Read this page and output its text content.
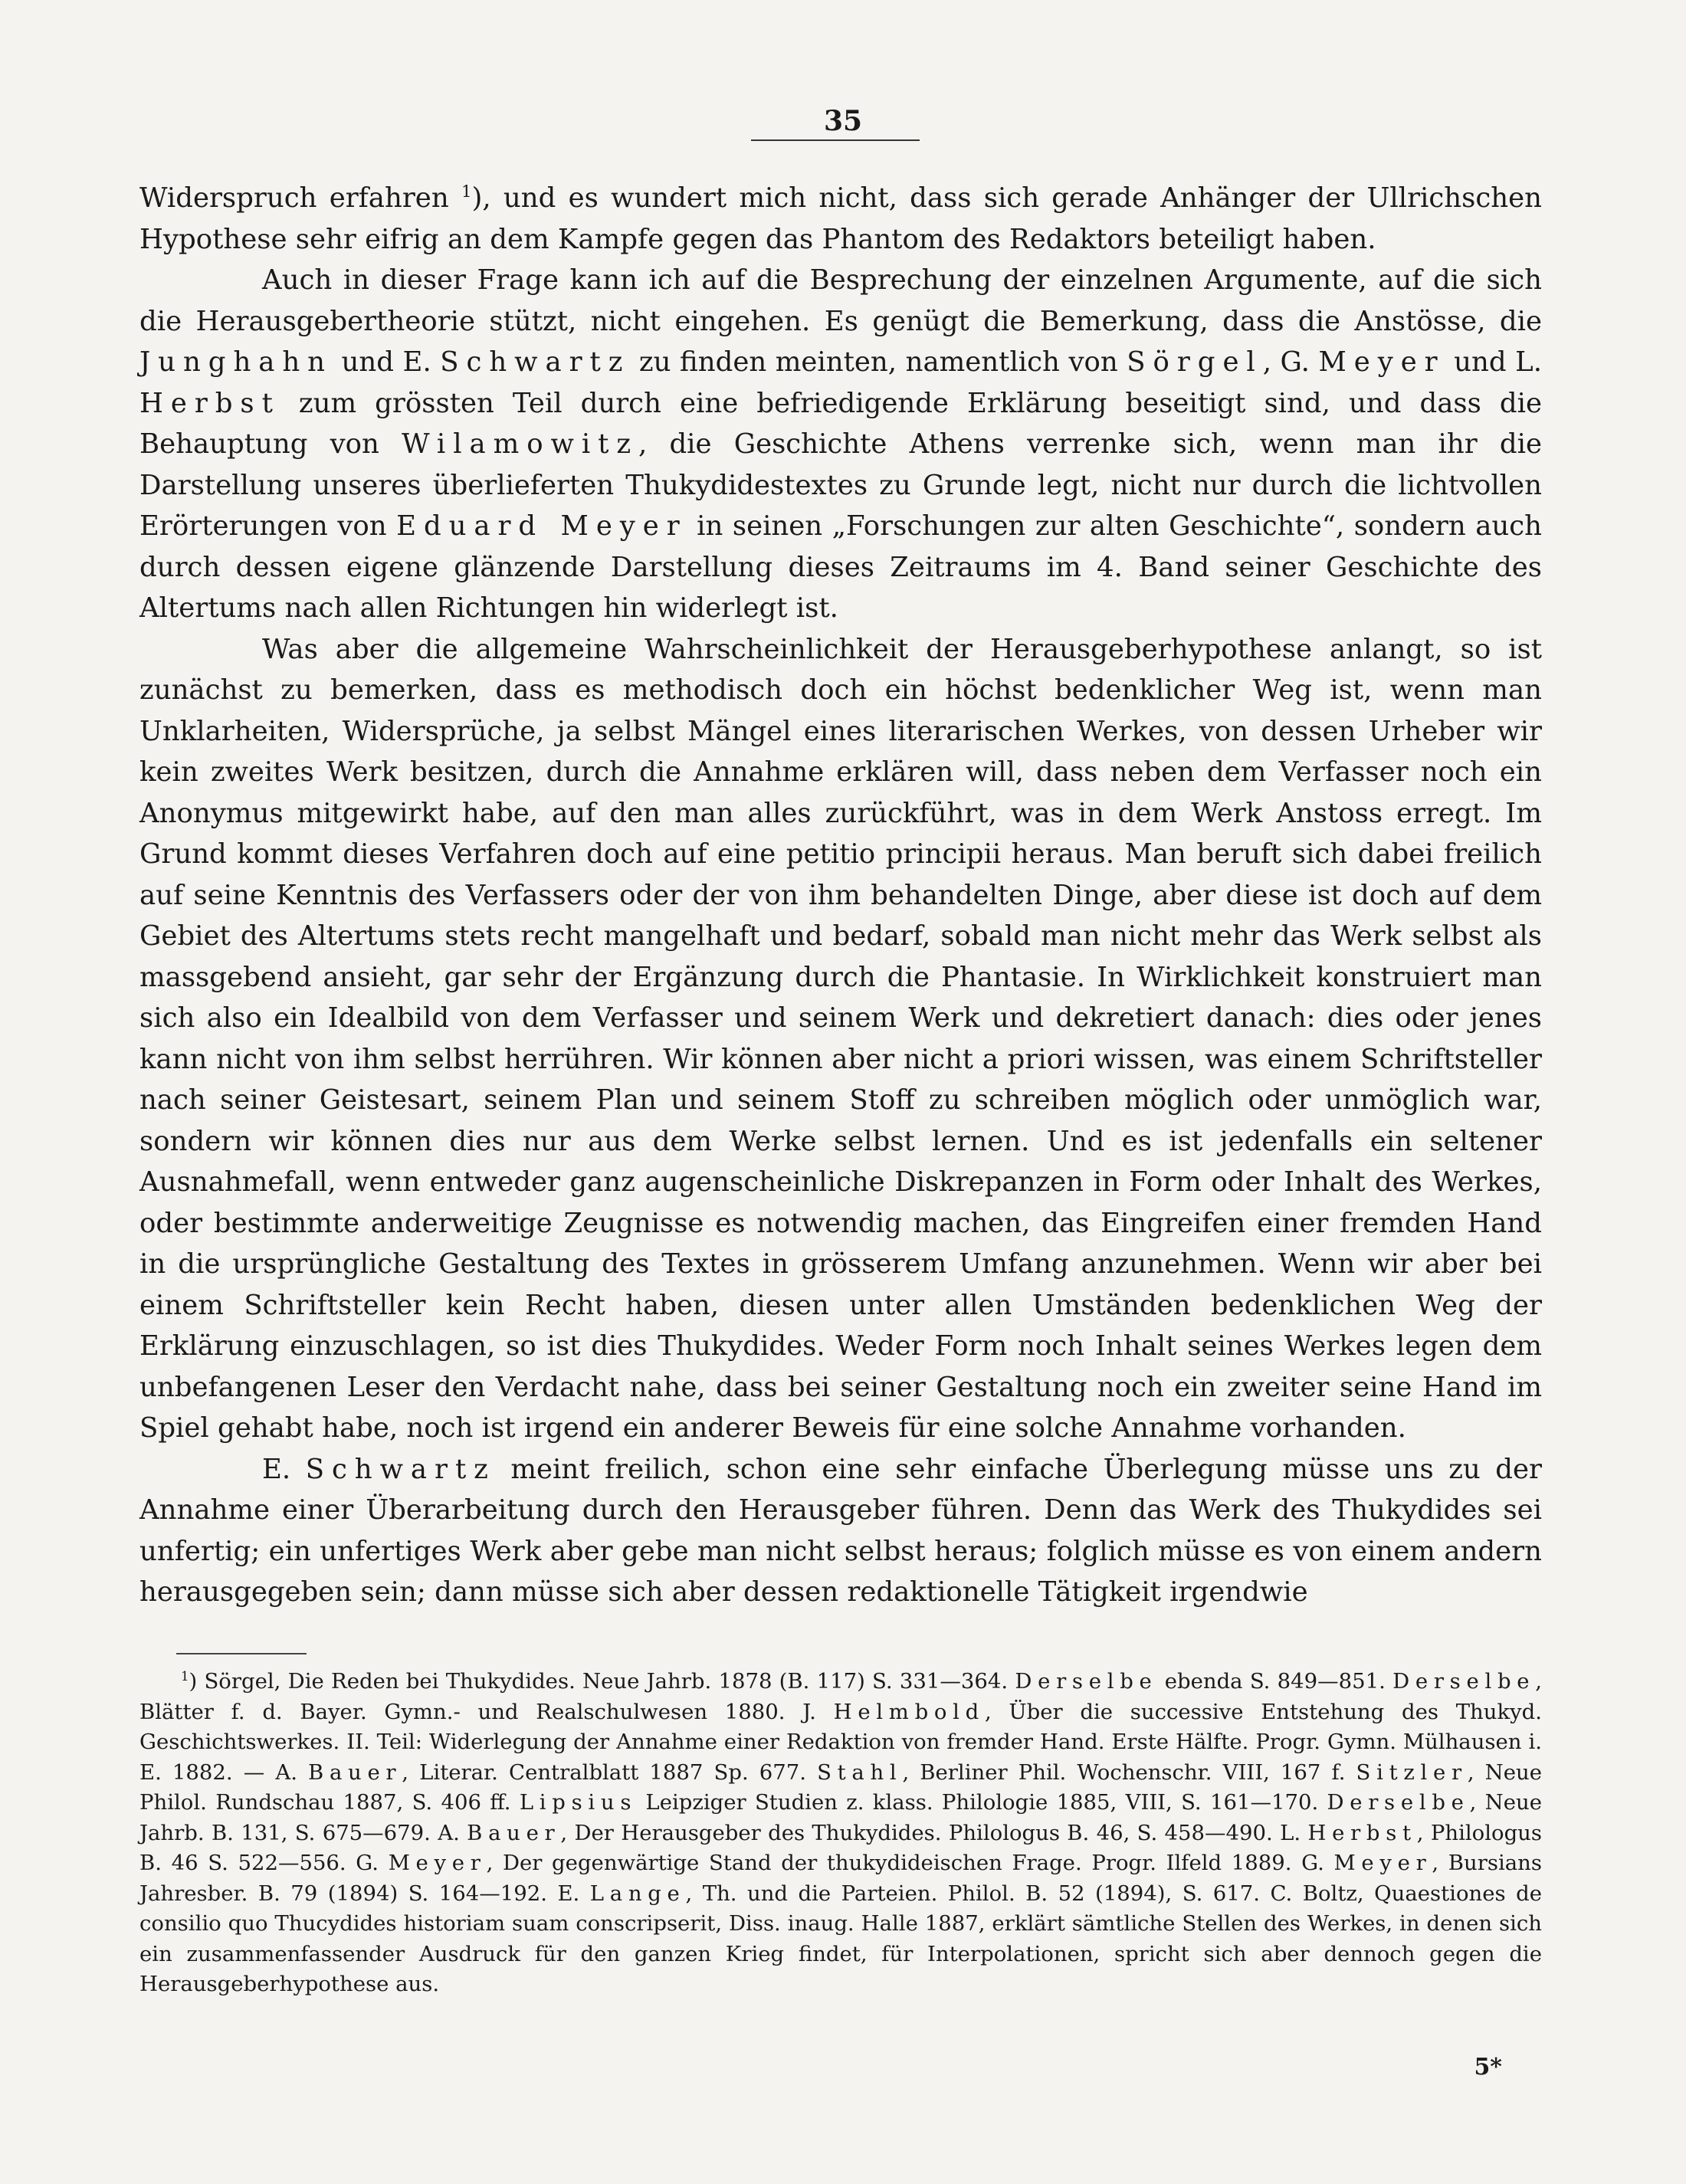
35

Widerspruch erfahren $^1$), und es wundert mich nicht, dass sich gerade Anhänger der Ullrichschen Hypothese sehr eifrig an dem Kampfe gegen das Phantom des Redaktors beteiligt haben.

Auch in dieser Frage kann ich auf die Besprechung der einzelnen Argumente, auf die sich die Herausgebertheorie stützt, nicht eingehen. Es genügt die Bemerkung, dass die Anstösse, die Junghahn und E. Schwartz zu finden meinten, namentlich von Sörgel, G. Meyer und L. Herbst zum grössten Teil durch eine befriedigende Erklärung beseitigt sind, und dass die Behauptung von Wilamowitz, die Geschichte Athens verrenke sich, wenn man ihr die Darstellung unseres überlieferten Thukydidestextes zu Grunde legt, nicht nur durch die lichtvollen Erörterungen von Eduard Meyer in seinen „Forschungen zur alten Geschichte“, sondern auch durch dessen eigene glänzende Darstellung dieses Zeitraums im 4. Band seiner Geschichte des Altertums nach allen Richtungen hin widerlegt ist.

Was aber die allgemeine Wahrscheinlichkeit der Herausgeberhypothese anlangt, so ist zunächst zu bemerken, dass es methodisch doch ein höchst bedenklicher Weg ist, wenn man Unklarheiten, Widersprüche, ja selbst Mängel eines literarischen Werkes, von dessen Urheber wir kein zweites Werk besitzen, durch die Annahme erklären will, dass neben dem Verfasser noch ein Anonymus mitgewirkt habe, auf den man alles zurückführt, was in dem Werk Anstoss erregt. Im Grund kommt dieses Verfahren doch auf eine petitio principii heraus. Man beruft sich dabei freilich auf seine Kenntnis des Verfassers oder der von ihm behandelten Dinge, aber diese ist doch auf dem Gebiet des Altertums stets recht mangelhaft und bedarf, sobald man nicht mehr das Werk selbst als massgebend ansieht, gar sehr der Ergänzung durch die Phantasie. In Wirklichkeit konstruiert man sich also ein Idealbild von dem Verfasser und seinem Werk und dekretiert danach: dies oder jenes kann nicht von ihm selbst herrühren. Wir können aber nicht a priori wissen, was einem Schriftsteller nach seiner Geistesart, seinem Plan und seinem Stoff zu schreiben möglich oder unmöglich war, sondern wir können dies nur aus dem Werke selbst lernen. Und es ist jedenfalls ein seltener Ausnahmefall, wenn entweder ganz augenscheinliche Diskrepanzen in Form oder Inhalt des Werkes, oder bestimmte anderweitige Zeugnisse es notwendig machen, das Eingreifen einer fremden Hand in die ursprüngliche Gestaltung des Textes in grösserem Umfang anzunehmen. Wenn wir aber bei einem Schriftsteller kein Recht haben, diesen unter allen Umständen bedenklichen Weg der Erklärung einzuschlagen, so ist dies Thukydides. Weder Form noch Inhalt seines Werkes legen dem unbefangenen Leser den Verdacht nahe, dass bei seiner Gestaltung noch ein zweiter seine Hand im Spiel gehabt habe, noch ist irgend ein anderer Beweis für eine solche Annahme vorhanden.

E. Schwartz meint freilich, schon eine sehr einfache Überlegung müsse uns zu der Annahme einer Überarbeitung durch den Herausgeber führen. Denn das Werk des Thukydides sei unfertig; ein unfertiges Werk aber gebe man nicht selbst heraus; folglich müsse es von einem andern herausgegeben sein; dann müsse sich aber dessen redaktionelle Tätigkeit irgendwie

$^1$) Sörgel, Die Reden bei Thukydides. Neue Jahrb. 1878 (B. 117) S. 331—364. Derselbe ebenda S. 849—851. Derselbe, Blätter f. d. Bayer. Gymn.- und Realschulwesen 1880. J. Helmbold, Über die successive Entstehung des Thukyd. Geschichtswerkes. II. Teil: Widerlegung der Annahme einer Redaktion von fremder Hand. Erste Hälfte. Progr. Gymn. Mülhausen i. E. 1882. — A. Bauer, Literar. Centralblatt 1887 Sp. 677. Stahl, Berliner Phil. Wochenschr. VIII, 167 f. Sitzler, Neue Philol. Rundschau 1887, S. 406 ff. Lipsius Leipziger Studien z. klass. Philologie 1885, VIII, S. 161—170. Derselbe, Neue Jahrb. B. 131, S. 675—679. A. Bauer, Der Herausgeber des Thukydides. Philologus B. 46, S. 458—490. L. Herbst, Philologus B. 46 S. 522—556. G. Meyer, Der gegenwärtige Stand der thukydideischen Frage. Progr. Ilfeld 1889. G. Meyer, Bursians Jahresber. B. 79 (1894) S. 164—192. E. Lange, Th. und die Parteien. Philol. B. 52 (1894), S. 617. C. Boltz, Quaestiones de consilio quo Thucydides historiam suam conscripserit, Diss. inaug. Halle 1887, erklärt sämtliche Stellen des Werkes, in denen sich ein zusammenfassender Ausdruck für den ganzen Krieg findet, für Interpolationen, spricht sich aber dennoch gegen die Herausgeberhypothese aus.

5*
